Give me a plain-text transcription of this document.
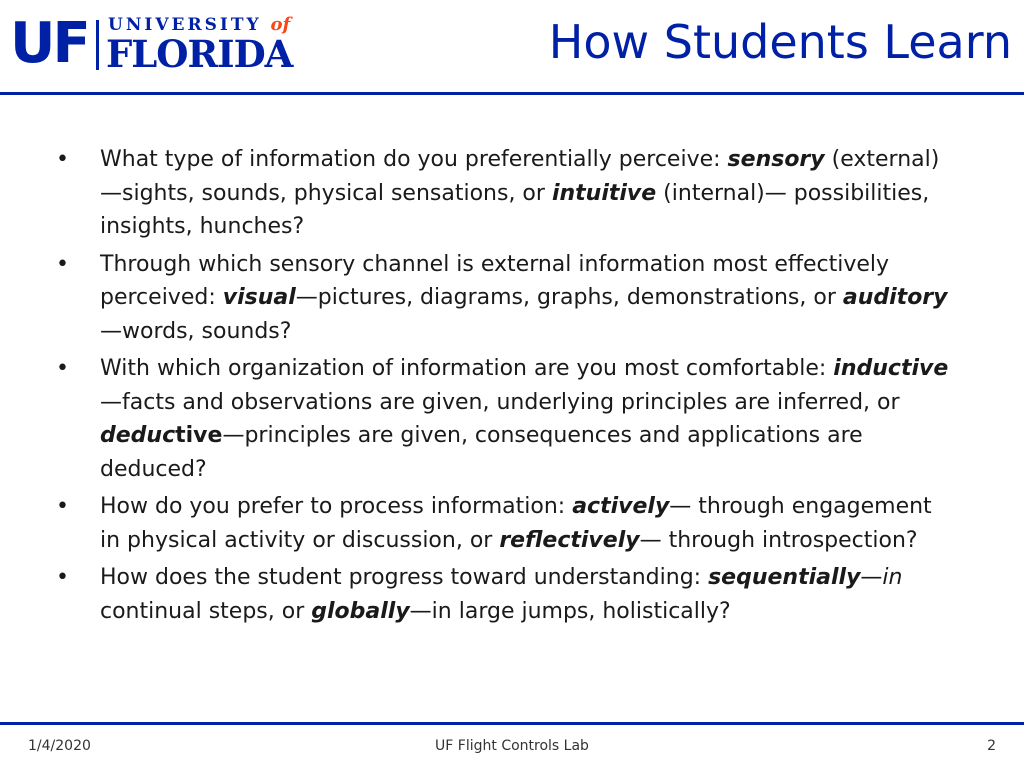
UF UNIVERSITY of
FLORIDA	How Students Learn
• What type of information do you preferentially perceive: sensory (external)—sights, sounds, physical sensations, or intuitive (internal)— possibilities, insights, hunches?
• Through which sensory channel is external information most effectively perceived: visual—pictures, diagrams, graphs, demonstrations, or auditory—words, sounds?
• With which organization of information are you most comfortable: inductive—facts and observations are given, underlying principles are inferred, or deductive—principles are given, consequences and applications are deduced?
• How do you prefer to process information: actively— through engagement in physical activity or discussion, or reflectively— through introspection?
• How does the student progress toward understanding: sequentially—in continual steps, or globally—in large jumps, holistically?
1/4/2020	UF Flight Controls Lab	2
